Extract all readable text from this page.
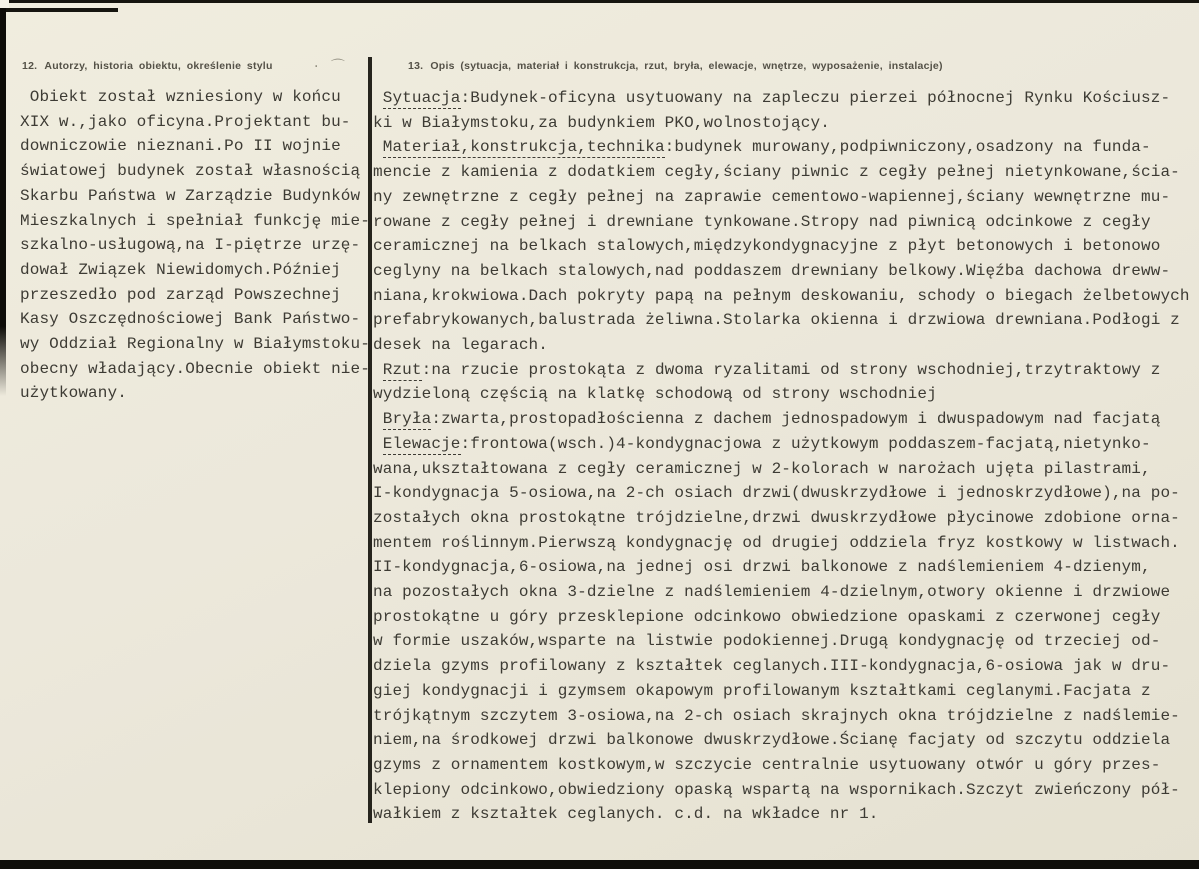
· ⌒
12. Autorzy, historia obiektu, określenie stylu	13. Opis (sytuacja, materiał i konstrukcja, rzut, bryła, elewacje, wnętrze, wyposażenie, instalacje)
Obiekt został wzniesiony w końcu
XIX w.,jako oficyna.Projektant bu-
downiczowie nieznani.Po II wojnie
światowej budynek został własnością
Skarbu Państwa w Zarządzie Budynków
Mieszkalnych i spełniał funkcję mie-
szkalno-usługową,na I-piętrze urzę-
dował Związek Niewidomych.Później
przeszedło pod zarząd Powszechnej
Kasy Oszczędnościowej Bank Państwo-
wy Oddział Regionalny w Białymstoku-
obecny władający.Obecnie obiekt nie-
użytkowany.
Sytuacja:Budynek-oficyna usytuowany na zapleczu pierzei północnej Rynku Kościusz-
ki w Białymstoku,za budynkiem PKO,wolnostojący.
Materiał,konstrukcja,technika:budynek murowany,podpiwniczony,osadzony na funda-
mencie z kamienia z dodatkiem cegły,ściany piwnic z cegły pełnej nietynkowane,ścia-
ny zewnętrzne z cegły pełnej na zaprawie cementowo-wapiennej,ściany wewnętrzne mu-
rowane z cegły pełnej i drewniane tynkowane.Stropy nad piwnicą odcinkowe z cegły
ceramicznej na belkach stalowych,międzykondygnacyjne z płyt betonowych i betonowo
ceglyny na belkach stalowych,nad poddaszem drewniany belkowy.Więźba dachowa dreww-
niana,krokwiowa.Dach pokryty papą na pełnym deskowaniu, schody o biegach żelbetowych
prefabrykowanych,balustrada żeliwna.Stolarka okienna i drzwiowa drewniana.Podłogi z
desek na legarach.
Rzut:na rzucie prostokąta z dwoma ryzalitami od strony wschodniej,trzytraktowy z
wydzieloną częścią na klatkę schodową od strony wschodniej
Bryła:zwarta,prostopadłościenna z dachem jednospadowym i dwuspadowym nad facjatą
Elewacje:frontowa(wsch.)4-kondygnacjowa z użytkowym poddaszem-facjatą,nietynko-
wana,ukształtowana z cegły ceramicznej w 2-kolorach w narożach ujęta pilastrami,
I-kondygnacja 5-osiowa,na 2-ch osiach drzwi(dwuskrzydłowe i jednoskrzydłowe),na po-
zostałych okna prostokątne trójdzielne,drzwi dwuskrzydłowe płycinowe zdobione orna-
mentem roślinnym.Pierwszą kondygnację od drugiej oddziela fryz kostkowy w listwach.
II-kondygnacja,6-osiowa,na jednej osi drzwi balkonowe z nadślemieniem 4-dzienym,
na pozostałych okna 3-dzielne z nadślemieniem 4-dzielnym,otwory okienne i drzwiowe
prostokątne u góry przesklepione odcinkowo obwiedzione opaskami z czerwonej cegły
w formie uszaków,wsparte na listwie podokiennej.Drugą kondygnację od trzeciej od-
dziela gzyms profilowany z kształtek ceglanych.III-kondygnacja,6-osiowa jak w dru-
giej kondygnacji i gzymsem okapowym profilowanym kształtkami ceglanymi.Facjata z
trójkątnym szczytem 3-osiowa,na 2-ch osiach skrajnych okna trójdzielne z nadślemie-
niem,na środkowej drzwi balkonowe dwuskrzydłowe.Ścianę facjaty od szczytu oddziela
gzyms z ornamentem kostkowym,w szczycie centralnie usytuowany otwór u góry przes-
klepiony odcinkowo,obwiedziony opaską wspartą na wspornikach.Szczyt zwieńczony pół-
wałkiem z kształtek ceglanych. c.d. na wkładce nr 1.
